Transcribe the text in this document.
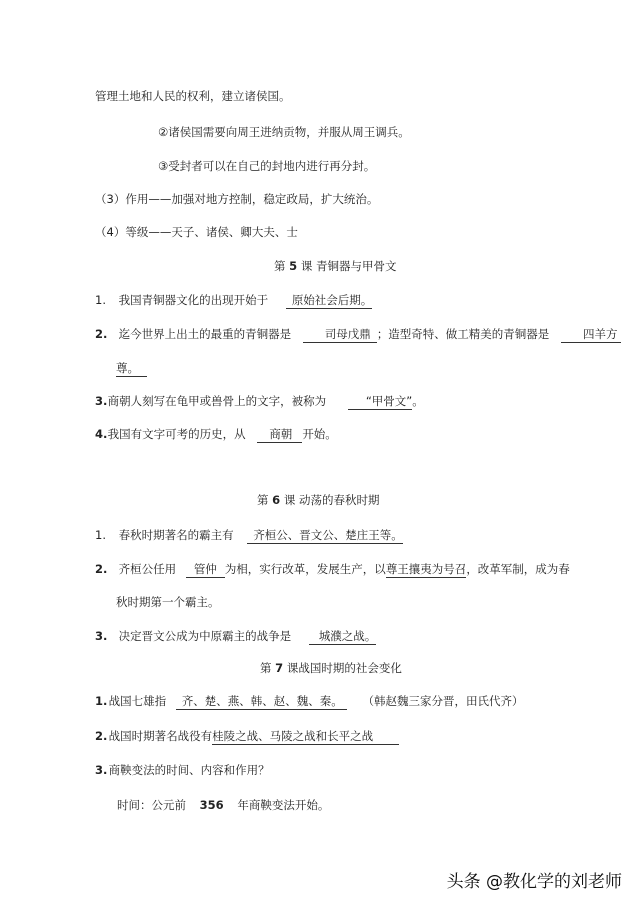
管理土地和人民的权利，建立诸侯国。
②诸侯国需要向周王进纳贡物，并服从周王调兵。
③受封者可以在自己的封地内进行再分封。
（3）作用——加强对地方控制，稳定政局，扩大统治。
（4）等级——天子、诸侯、卿大夫、士
第 5 课 青铜器与甲骨文
1. 我国青铜器文化的出现开始于 原始社会后期。
2. 迄今世界上出土的最重的青铜器是	司母戊鼎 ；造型奇特、做工精美的青铜器是	四羊方
尊。
3. 商朝人刻写在龟甲或兽骨上的文字，被称为	“甲骨文”。
4. 我国有文字可考的历史，从 商朝 开始。
第 6 课 动荡的春秋时期
1. 春秋时期著名的霸主有 齐桓公、晋文公、楚庄王等。
2. 齐桓公任用 管仲 为相，实行改革，发展生产，以尊王攘夷为号召，改革军制，成为春
秋时期第一个霸主。
3. 决定晋文公成为中原霸主的战争是 城濮之战。
第 7 课战国时期的社会变化
1. 战国七雄指 齐、楚、燕、韩、赵、魏、秦。 （韩赵魏三家分晋，田氏代齐）
2. 战国时期著名战役有桂陵之战、马陵之战和长平之战
3. 商鞅变法的时间、内容和作用？
时间：公元前 356 年商鞅变法开始。
头条 @教化学的刘老师
